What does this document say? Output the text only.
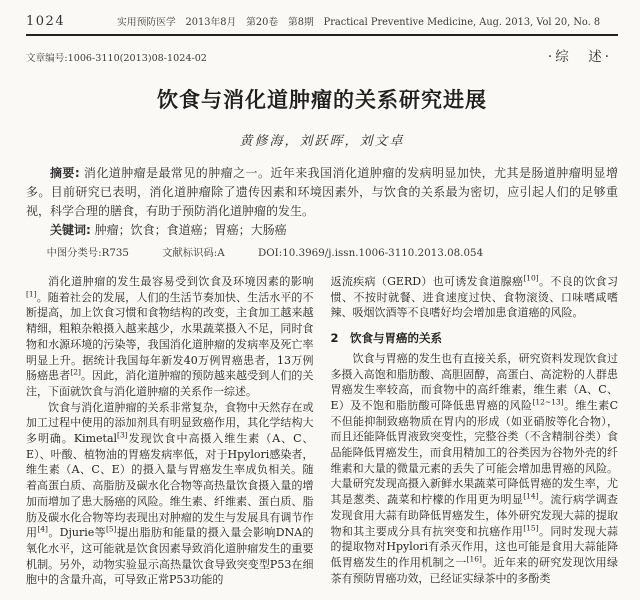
1024	实用预防医学　2013年8月　第20卷　第8期　Practical Preventive Medicine, Aug. 2013, Vol 20, No. 8
文章编号:1006-3110(2013)08-1024-02	·综　述·
饮食与消化道肿瘤的关系研究进展
黄修海，刘跃晖，刘文卓
摘要: 消化道肿瘤是最常见的肿瘤之一。近年来我国消化道肿瘤的发病明显加快，尤其是肠道肿瘤明显增多。目前研究已表明，消化道肿瘤除了遗传因素和环境因素外，与饮食的关系最为密切，应引起人们的足够重视，科学合理的膳食，有助于预防消化道肿瘤的发生。
关键词: 肿瘤；饮食；食道癌；胃癌；大肠癌
中图分类号:R735	文献标识码:A	DOI:10.3969/j.issn.1006-3110.2013.08.054
消化道肿瘤的发生最容易受到饮食及环境因素的影响[1]。随着社会的发展，人们的生活节奏加快、生活水平的不断提高，加上饮食习惯和食物结构的改变，主食加工越来越精细，粗粮杂粮摄入越来越少，水果蔬菜摄入不足，同时食物和水源环境的污染等，我国消化道肿瘤的发病率及死亡率明显上升。据统计我国每年新发40万例胃癌患者，13万例肠癌患者[2]。因此，消化道肿瘤的预防越来越受到人们的关注，下面就饮食与消化道肿瘤的关系作一综述。
饮食与消化道肿瘤的关系非常复杂，食物中天然存在或加工过程中使用的添加剂具有明显致癌作用，其化学结构大多明确。Kimetal[3]发现饮食中高摄入维生素（A、C、E）、叶酸、植物油的胃癌发病率低，对于Hpylori感染者，维生素（A、C、E）的摄入量与胃癌发生率成负相关。随着高蛋白质、高脂肪及碳水化合物等高热量饮食摄入量的增加而增加了患大肠癌的风险。维生素、纤维素、蛋白质、脂肪及碳水化合物等均表现出对肿瘤的发生与发展具有调节作用[4]。Djurie等[5]提出脂肪和能量的摄入量会影响DNA的氧化水平，这可能就是饮食因素导致消化道肿瘤发生的重要机制。另外，动物实验显示高热量饮食导致突变型P53在细胞中的含量升高，可导致正常P53功能的
返流疾病（GERD）也可诱发食道腺癌[10]。不良的饮食习惯、不按时就餐、进食速度过快、食物滚烫、口味嗜咸嗜辣、吸烟饮酒等不良嗜好均会增加患食道癌的风险。
2　饮食与胃癌的关系
饮食与胃癌的发生也有直接关系，研究资料发现饮食过多摄入高饱和脂肪酸、高胆固醇，高蛋白、高淀粉的人群患胃癌发生率较高，而食物中的高纤维素，维生素（A、C、E）及不饱和脂肪酸可降低患胃癌的风险[12~13]。维生素C不但能抑制致癌物质在胃内的形成（如亚硝胺等化合物），而且还能降低胃液致突变性，完整谷类（不含精制谷类）食品能降低胃癌发生，而食用精加工的谷类因为谷物外壳的纤维素和大量的微量元素的丢失了可能会增加患胃癌的风险。大量研究发现高摄入新鲜水果蔬菜可降低胃癌的发生率，尤其是葱类、蔬菜和柠檬的作用更为明显[14]。流行病学调查发现食用大蒜有助降低胃癌发生，体外研究发现大蒜的提取物和其主要成分具有抗突变和抗癌作用[15]。同时发现大蒜的提取物对Hpylori有杀灭作用，这也可能是食用大蒜能降低胃癌发生的作用机制之一[16]。近年来的研究发现饮用绿茶有预防胃癌功效，已经证实绿茶中的多酚类
